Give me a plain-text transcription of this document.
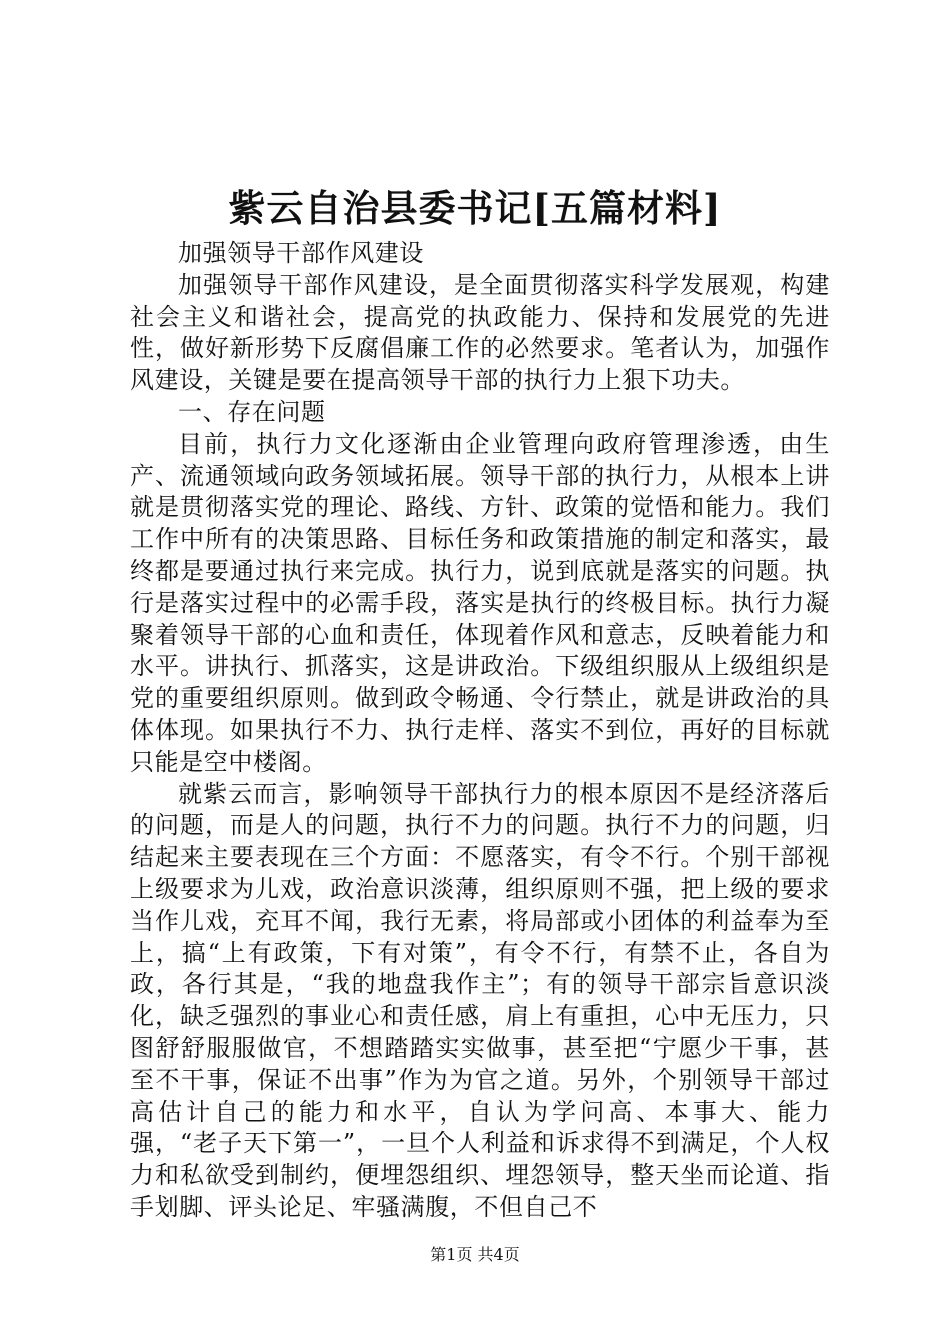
紫云自治县委书记[五篇材料]

加强领导干部作风建设

加强领导干部作风建设，是全面贯彻落实科学发展观，构建社会主义和谐社会，提高党的执政能力、保持和发展党的先进性，做好新形势下反腐倡廉工作的必然要求。笔者认为，加强作风建设，关键是要在提高领导干部的执行力上狠下功夫。

一、存在问题

目前，执行力文化逐渐由企业管理向政府管理渗透，由生产、流通领域向政务领域拓展。领导干部的执行力，从根本上讲就是贯彻落实党的理论、路线、方针、政策的觉悟和能力。我们工作中所有的决策思路、目标任务和政策措施的制定和落实，最终都是要通过执行来完成。执行力，说到底就是落实的问题。执行是落实过程中的必需手段，落实是执行的终极目标。执行力凝聚着领导干部的心血和责任，体现着作风和意志，反映着能力和水平。讲执行、抓落实，这是讲政治。下级组织服从上级组织是党的重要组织原则。做到政令畅通、令行禁止，就是讲政治的具体体现。如果执行不力、执行走样、落实不到位，再好的目标就只能是空中楼阁。

就紫云而言，影响领导干部执行力的根本原因不是经济落后的问题，而是人的问题，执行不力的问题。执行不力的问题，归结起来主要表现在三个方面：不愿落实，有令不行。个别干部视上级要求为儿戏，政治意识淡薄，组织原则不强，把上级的要求当作儿戏，充耳不闻，我行无素，将局部或小团体的利益奉为至上，搞“上有政策，下有对策”，有令不行，有禁不止，各自为政，各行其是，“我的地盘我作主”；有的领导干部宗旨意识淡化，缺乏强烈的事业心和责任感，肩上有重担，心中无压力，只图舒舒服服做官，不想踏踏实实做事，甚至把“宁愿少干事，甚至不干事，保证不出事”作为为官之道。另外，个别领导干部过高估计自己的能力和水平，自认为学问高、本事大、能力强，“老子天下第一”，一旦个人利益和诉求得不到满足，个人权力和私欲受到制约，便埋怨组织、埋怨领导，整天坐而论道、指手划脚、评头论足、牢骚满腹，不但自己不

第1页 共4页
